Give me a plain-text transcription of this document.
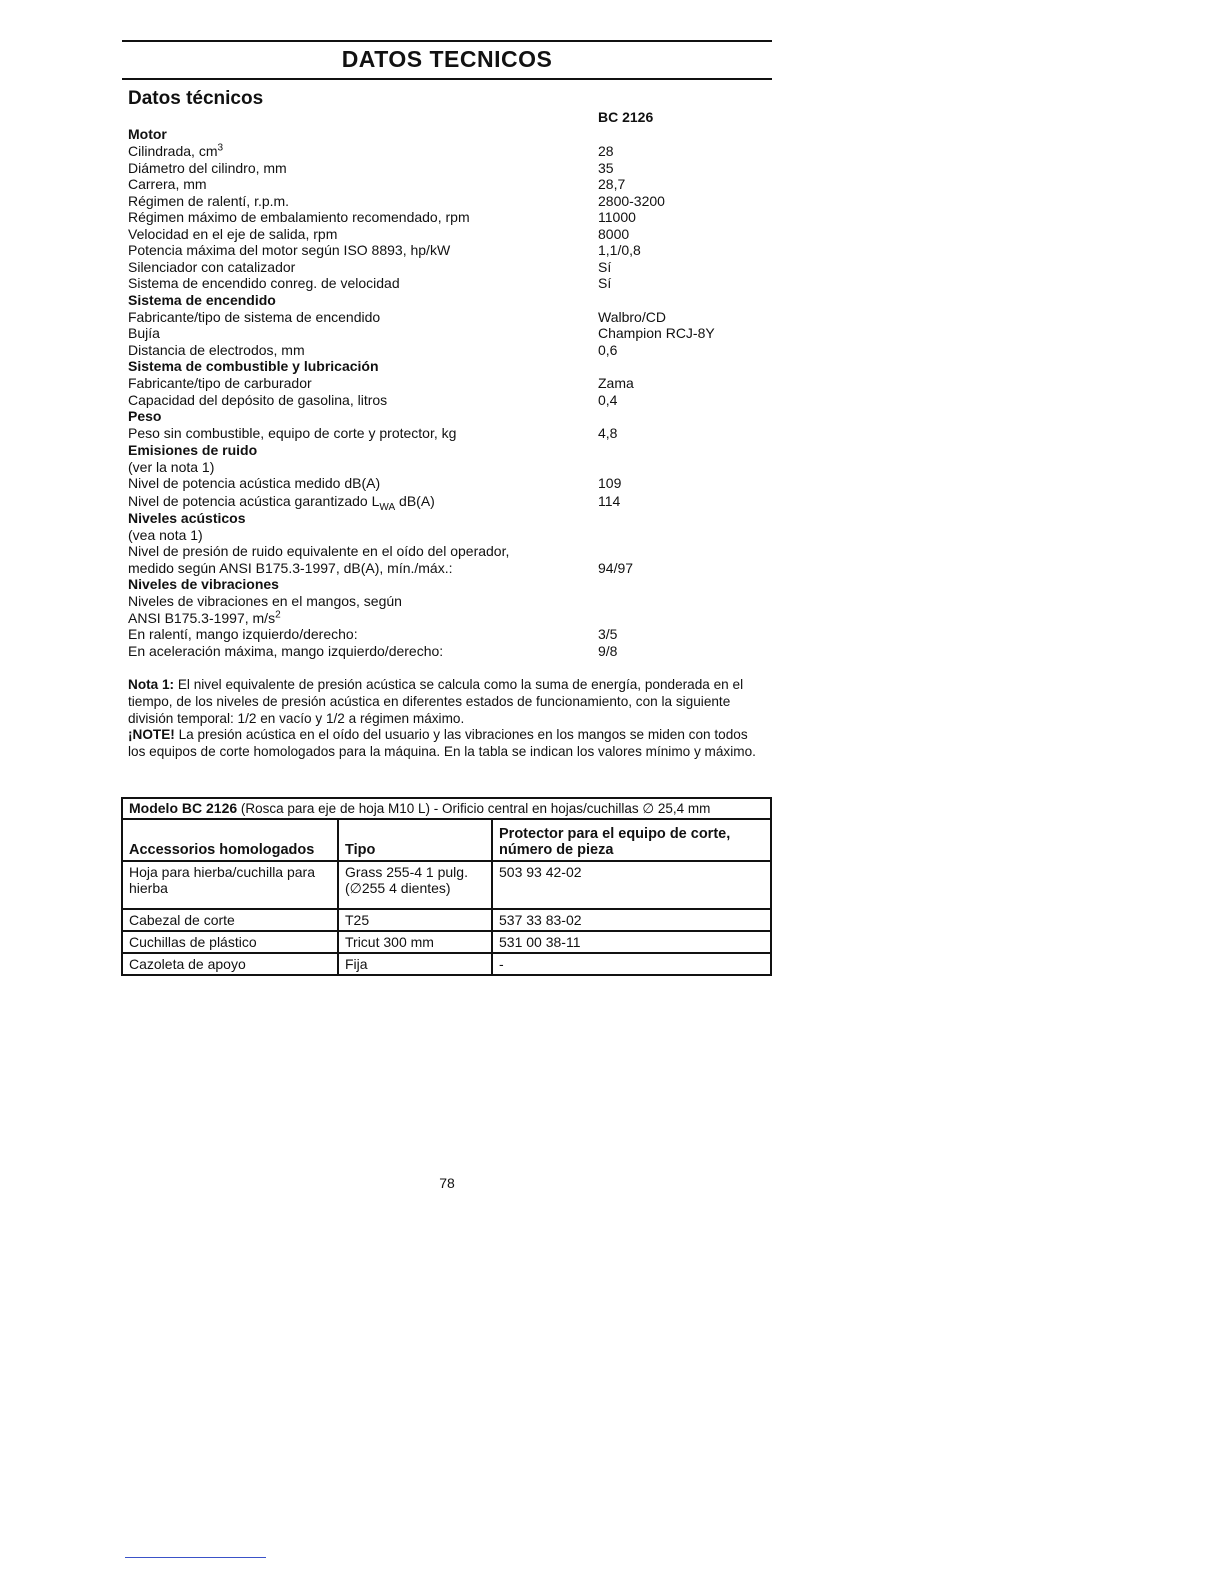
DATOS TECNICOS
Datos técnicos
BC 2126
Motor
Cilindrada, $cm^3$	28
Diámetro del cilindro, mm	35
Carrera, mm	28,7
Régimen de ralentí, r.p.m.	2800-3200
Régimen máximo de embalamiento recomendado, rpm	11000
Velocidad en el eje de salida, rpm	8000
Potencia máxima del motor según ISO 8893, hp/kW	1,1/0,8
Silenciador con catalizador	Sí
Sistema de encendido conreg. de velocidad	Sí
Sistema de encendido
Fabricante/tipo de sistema de encendido	Walbro/CD
Bujía	Champion RCJ-8Y
Distancia de electrodos, mm	0,6
Sistema de combustible y lubricación
Fabricante/tipo de carburador	Zama
Capacidad del depósito de gasolina, litros	0,4
Peso
Peso sin combustible, equipo de corte y protector, kg	4,8
Emisiones de ruido
(ver la nota 1)
Nivel de potencia acústica medido dB(A)	109
Nivel de potencia acústica garantizado $L_{WA}$ dB(A)	114
Niveles acústicos
(vea nota 1)
Nivel de presión de ruido equivalente en el oído del operador,
medido según ANSI B175.3-1997, dB(A), mín./máx.:	94/97
Niveles de vibraciones
Niveles de vibraciones en el mangos, según
ANSI B175.3-1997, $m/s^2$
En ralentí, mango izquierdo/derecho:	3/5
En aceleración máxima, mango izquierdo/derecho:	9/8

Nota 1: El nivel equivalente de presión acústica se calcula como la suma de energía, ponderada en el tiempo, de los niveles de presión acústica en diferentes estados de funcionamiento, con la siguiente división temporal: 1/2 en vacío y 1/2 a régimen máximo.

¡NOTE! La presión acústica en el oído del usuario y las vibraciones en los mangos se miden con todos los equipos de corte homologados para la máquina. En la tabla se indican los valores mínimo y máximo.

Modelo BC 2126 (Rosca para eje de hoja M10 L) - Orificio central en hojas/cuchillas ∅ 25,4 mm		
Accessorios homologados	Tipo	Protector para el equipo de corte, número de pieza
Hoja para hierba/cuchilla para hierba	Grass 255-4 1 pulg. (∅255 4 dientes)	503 93 42-02
Cabezal de corte	T25	537 33 83-02
Cuchillas de plástico	Tricut 300 mm	531 00 38-11
Cazoleta de apoyo	Fija	-
78
